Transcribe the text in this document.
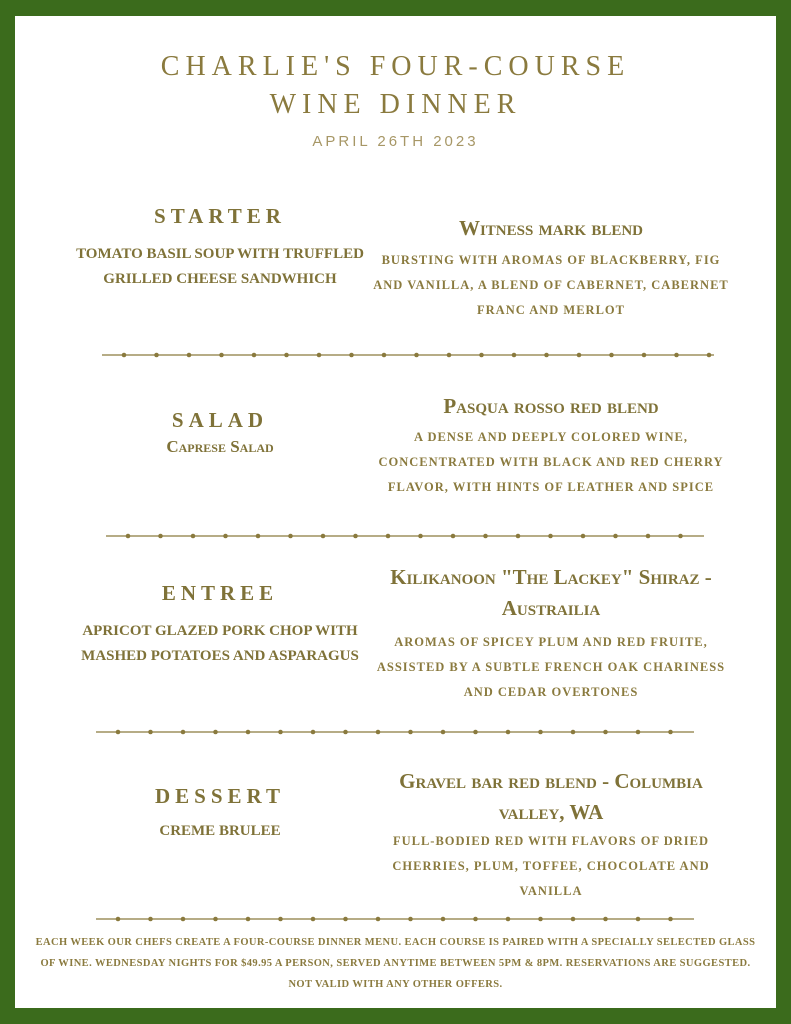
CHARLIE'S FOUR-COURSE
WINE DINNER
APRIL 26TH 2023
STARTER
TOMATO BASIL SOUP WITH TRUFFLED GRILLED CHEESE SANDWHICH
Witness mark blend
BURSTING WITH AROMAS OF BLACKBERRY, FIG AND VANILLA, A BLEND OF CABERNET, CABERNET FRANC AND MERLOT
SALAD
Caprese Salad
Pasqua rosso red blend
A DENSE AND DEEPLY COLORED WINE, CONCENTRATED WITH BLACK AND RED CHERRY FLAVOR, WITH HINTS OF LEATHER AND SPICE
ENTREE
APRICOT GLAZED PORK CHOP WITH MASHED POTATOES AND ASPARAGUS
Kilikanoon "The Lackey" Shiraz - Austrailia
AROMAS OF SPICEY PLUM AND RED FRUITE, ASSISTED BY A SUBTLE FRENCH OAK CHARINESS AND CEDAR OVERTONES
DESSERT
CREME BRULEE
Gravel bar red blend - Columbia valley, WA
FULL-BODIED RED WITH FLAVORS OF DRIED CHERRIES, PLUM, TOFFEE, CHOCOLATE AND VANILLA
EACH WEEK OUR CHEFS CREATE A FOUR-COURSE DINNER MENU. EACH COURSE IS PAIRED WITH A SPECIALLY SELECTED GLASS OF WINE. WEDNESDAY NIGHTS FOR $49.95 A PERSON, SERVED ANYTIME BETWEEN 5PM & 8PM. RESERVATIONS ARE SUGGESTED. NOT VALID WITH ANY OTHER OFFERS.
